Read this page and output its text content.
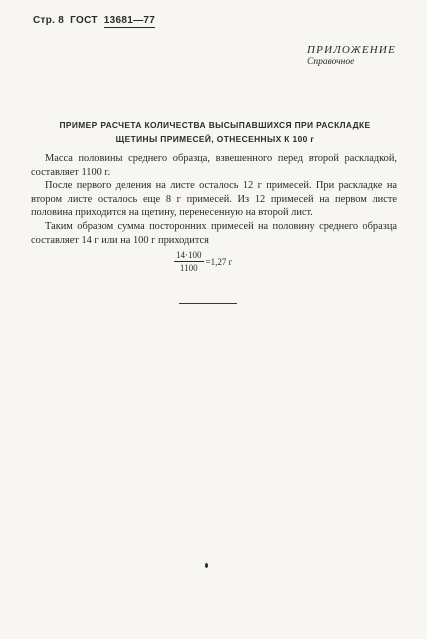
Стр. 8 ГОСТ 13681—77
ПРИЛОЖЕНИЕ
Справочное
ПРИМЕР РАСЧЕТА КОЛИЧЕСТВА ВЫСЫПАВШИХСЯ ПРИ РАСКЛАДКЕ
ЩЕТИНЫ ПРИМЕСЕЙ, ОТНЕСЕННЫХ К 100 г

Масса половины среднего образца, взвешенного перед второй раскладкой, составляет 1100 г.

После первого деления на листе осталось 12 г примесей. При раскладке на втором листе осталось еще 8 г примесей. Из 12 примесей на первом листе половина приходится на щетину, перенесенную на второй лист.

Таким образом сумма посторонних примесей на половину среднего образца составляет 14 г или на 100 г приходится

$\frac{14\cdot 100}{1100} =1,27$ г
